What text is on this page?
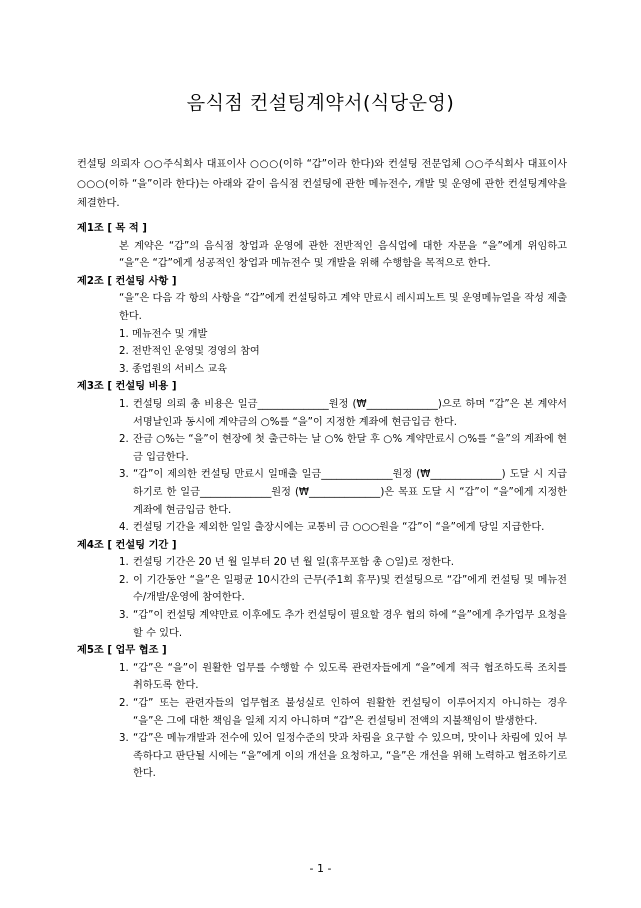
음식점 컨설팅계약서(식당운영)
컨설팅 의뢰자 ○○주식회사 대표이사 ○○○(이하 “갑”이라 한다)와 컨설팅 전문업체 ○○주식회사 대표이사 ○○○(이하 “을”이라 한다)는 아래와 같이 음식점 컨설팅에 관한 메뉴전수, 개발 및 운영에 관한 컨설팅계약을 체결한다.
제1조 [ 목 적 ]
본 계약은 “갑”의 음식점 창업과 운영에 관한 전반적인 음식업에 대한 자문을 “을”에게 위임하고 “을”은 “갑”에게 성공적인 창업과 메뉴전수 및 개발을 위해 수행함을 목적으로 한다.
제2조 [ 컨설팅 사항 ]
“을”은 다음 각 항의 사항을 “갑”에게 컨설팅하고 계약 만료시 레시피노트 및 운영메뉴얼을 작성 제출한다.
1. 메뉴전수 및 개발
2. 전반적인 운영및 경영의 참여
3. 종업원의 서비스 교육
제3조 [ 컨설팅 비용 ]
1. 컨설팅 의뢰 총 비용은 일금______________원정 (₩______________)으로 하며 “갑”은 본 계약서 서명날인과 동시에 계약금의 ○%를 “을”이 지정한 계좌에 현금입금 한다.
2. 잔금 ○%는 “을”이 현장에 첫 출근하는 날 ○% 한달 후 ○% 계약만료시 ○%를 “을”의 계좌에 현금 입금한다.
3. “갑”이 제의한 컨설팅 만료시 일매출 일금______________원정 (₩______________) 도달 시 지급하기로 한 일금______________원정 (₩______________)은 목표 도달 시 “갑”이 “을”에게 지정한 계좌에 현금입금 한다.
4. 컨설팅 기간을 제외한 일일 출장시에는 교통비 금 ○○○원을 “갑”이 “을”에게 당일 지급한다.
제4조 [ 컨설팅 기간 ]
1. 컨설팅 기간은 20 년 월 일부터 20 년 월 일(휴무포함 총 ○일)로 정한다.
2. 이 기간동안 “을”은 일평균 10시간의 근무(주1회 휴무)및 컨설팅으로 “갑”에게 컨설팅 및 메뉴전수/개발/운영에 참여한다.
3. “갑”이 컨설팅 계약만료 이후에도 추가 컨설팅이 필요할 경우 협의 하에 “을”에게 추가업무 요청을 할 수 있다.
제5조 [ 업무 협조 ]
1. “갑”은 “을”이 원활한 업무를 수행할 수 있도록 관련자들에게 “을”에게 적극 협조하도록 조치를 취하도록 한다.
2. “갑” 또는 관련자들의 업무협조 불성실로 인하여 원활한 컨설팅이 이루어지지 아니하는 경우 “을”은 그에 대한 책임을 일체 지지 아니하며 “갑”은 컨설팅비 전액의 지불책임이 발생한다.
3. “갑”은 메뉴개발과 전수에 있어 일정수준의 맛과 차림을 요구할 수 있으며, 맛이나 차림에 있어 부족하다고 판단될 시에는 “을”에게 이의 개선을 요청하고, “을”은 개선을 위해 노력하고 협조하기로 한다.
- 1 -
